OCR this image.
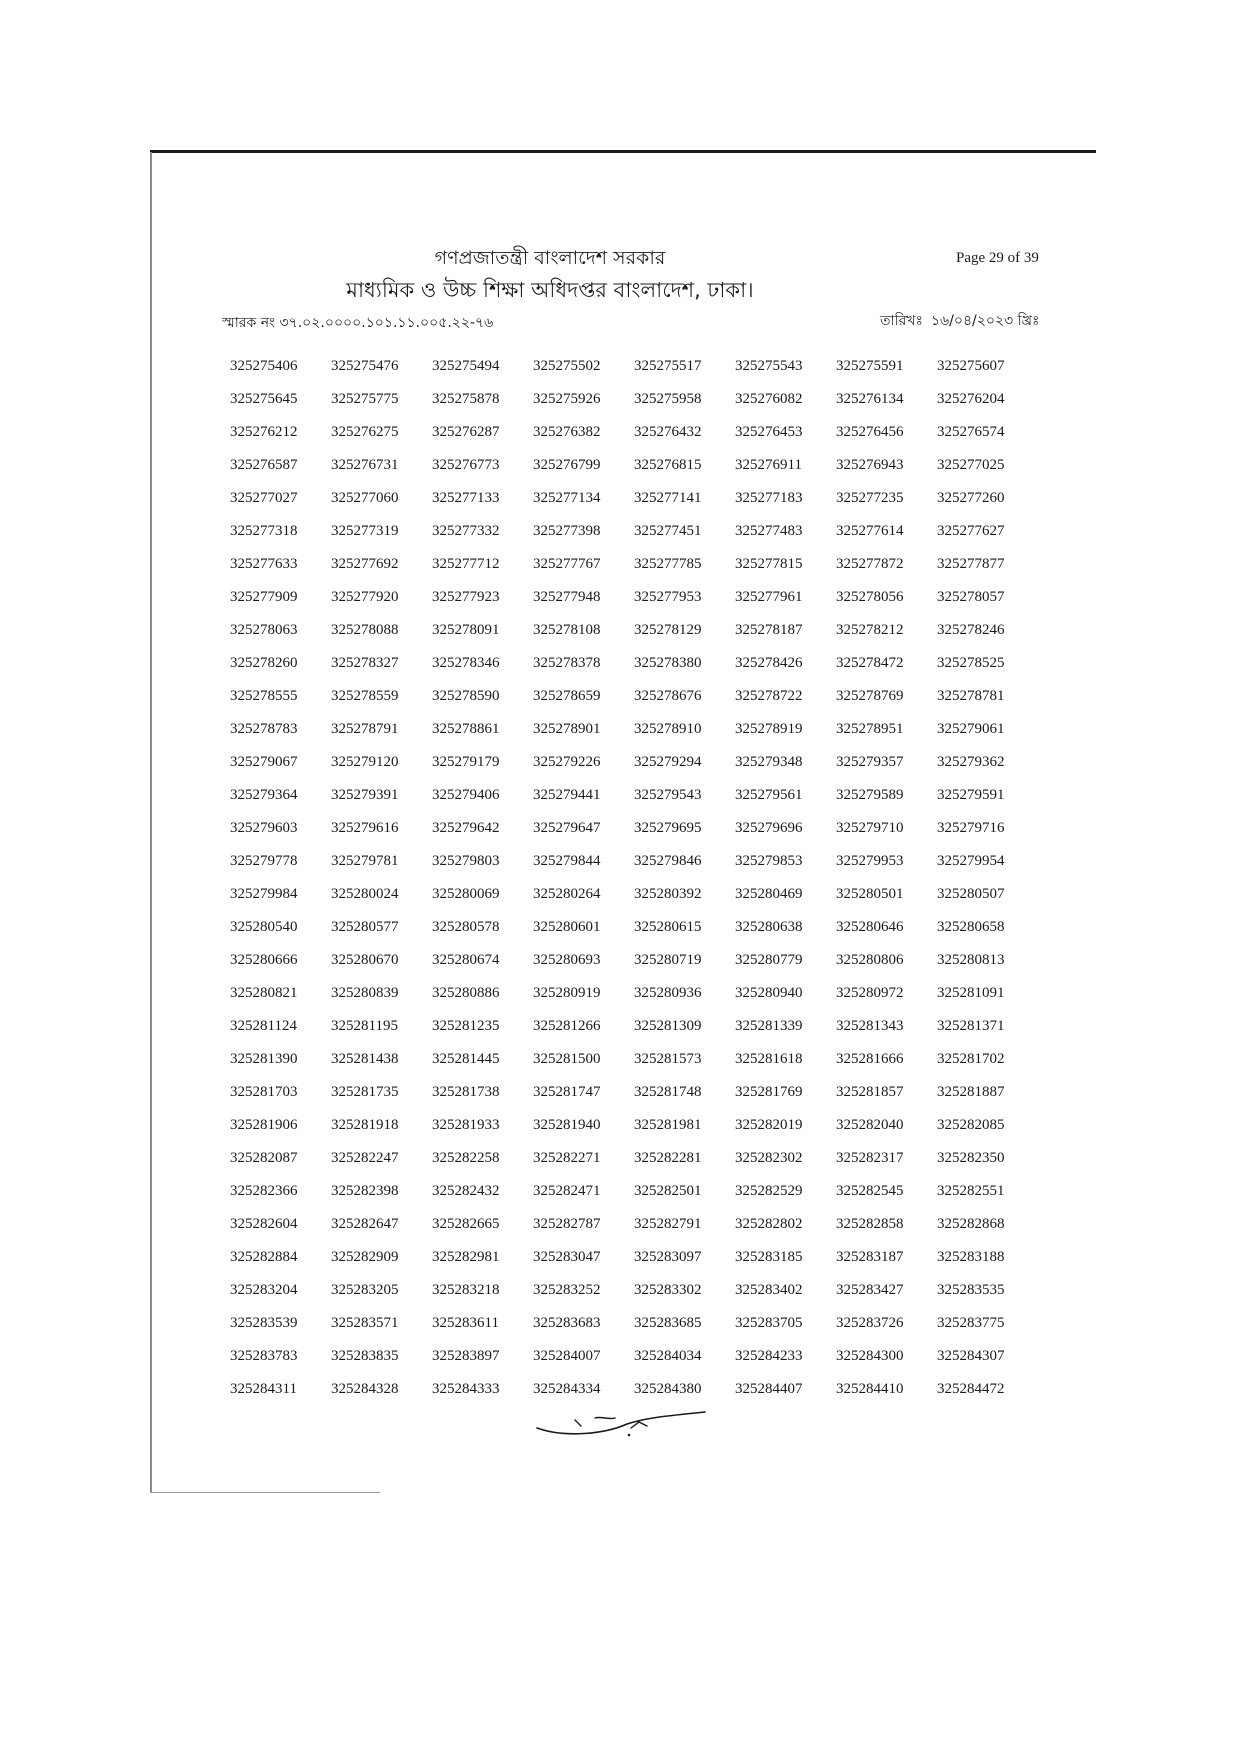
গণপ্রজাতন্ত্রী বাংলাদেশ সরকার
মাধ্যমিক ও উচ্চ শিক্ষা অধিদপ্তর বাংলাদেশ, ঢাকা।
Page 29 of 39
স্মারক নং ৩৭.০২.০০০০.১০১.১১.০০৫.২২-৭৬	তারিখঃ ১৬/০৪/২০২৩ খ্রিঃ
325275406	325275476	325275494	325275502	325275517	325275543	325275591	325275607
325275645	325275775	325275878	325275926	325275958	325276082	325276134	325276204
325276212	325276275	325276287	325276382	325276432	325276453	325276456	325276574
325276587	325276731	325276773	325276799	325276815	325276911	325276943	325277025
325277027	325277060	325277133	325277134	325277141	325277183	325277235	325277260
325277318	325277319	325277332	325277398	325277451	325277483	325277614	325277627
325277633	325277692	325277712	325277767	325277785	325277815	325277872	325277877
325277909	325277920	325277923	325277948	325277953	325277961	325278056	325278057
325278063	325278088	325278091	325278108	325278129	325278187	325278212	325278246
325278260	325278327	325278346	325278378	325278380	325278426	325278472	325278525
325278555	325278559	325278590	325278659	325278676	325278722	325278769	325278781
325278783	325278791	325278861	325278901	325278910	325278919	325278951	325279061
325279067	325279120	325279179	325279226	325279294	325279348	325279357	325279362
325279364	325279391	325279406	325279441	325279543	325279561	325279589	325279591
325279603	325279616	325279642	325279647	325279695	325279696	325279710	325279716
325279778	325279781	325279803	325279844	325279846	325279853	325279953	325279954
325279984	325280024	325280069	325280264	325280392	325280469	325280501	325280507
325280540	325280577	325280578	325280601	325280615	325280638	325280646	325280658
325280666	325280670	325280674	325280693	325280719	325280779	325280806	325280813
325280821	325280839	325280886	325280919	325280936	325280940	325280972	325281091
325281124	325281195	325281235	325281266	325281309	325281339	325281343	325281371
325281390	325281438	325281445	325281500	325281573	325281618	325281666	325281702
325281703	325281735	325281738	325281747	325281748	325281769	325281857	325281887
325281906	325281918	325281933	325281940	325281981	325282019	325282040	325282085
325282087	325282247	325282258	325282271	325282281	325282302	325282317	325282350
325282366	325282398	325282432	325282471	325282501	325282529	325282545	325282551
325282604	325282647	325282665	325282787	325282791	325282802	325282858	325282868
325282884	325282909	325282981	325283047	325283097	325283185	325283187	325283188
325283204	325283205	325283218	325283252	325283302	325283402	325283427	325283535
325283539	325283571	325283611	325283683	325283685	325283705	325283726	325283775
325283783	325283835	325283897	325284007	325284034	325284233	325284300	325284307
325284311	325284328	325284333	325284334	325284380	325284407	325284410	325284472
